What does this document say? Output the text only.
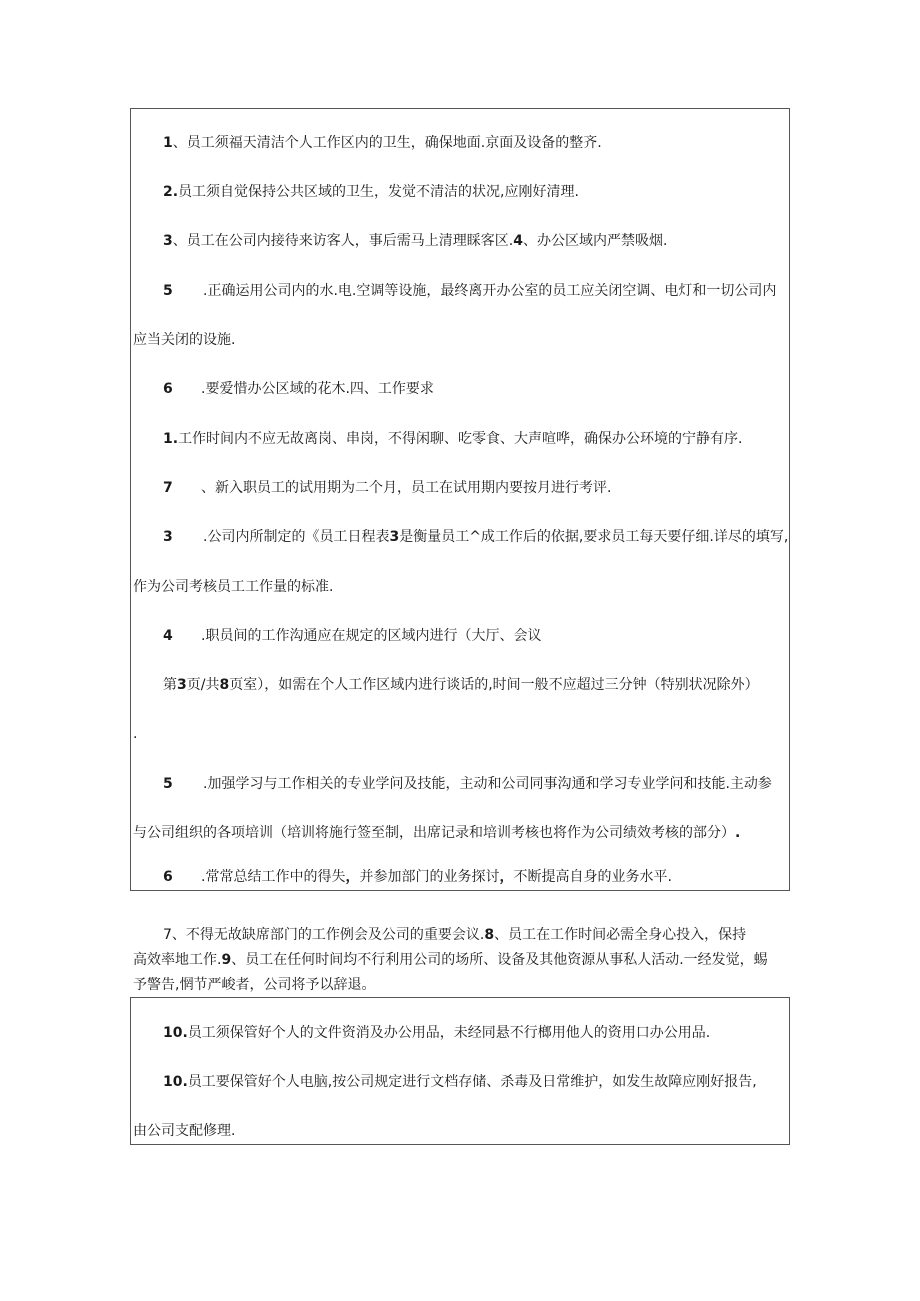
1、员工须福天清洁个人工作区内的卫生，确保地面.京面及设备的整齐.
2.员工须自觉保持公共区域的卫生，发觉不清洁的状况,应刚好清理.
3、员工在公司内接待来访客人，事后需马上清理睬客区.4、办公区域内严禁吸烟.
5 .正确运用公司内的水.电.空调等设施，最终离开办公室的员工应关闭空调、电灯和一切公司内
应当关闭的设施.
6 .要爱惜办公区域的花木.四、工作要求
1.工作时间内不应无故离岗、串岗，不得闲聊、吃零食、大声喧哗，确保办公环境的宁静有序.
7 、新入职员工的试用期为二个月，员工在试用期内要按月进行考评.
3 .公司内所制定的《员工日程表3是衡量员工^成工作后的依据,要求员工每天要仔细.详尽的填写,
作为公司考核员工工作量的标准.
4 .职员间的工作沟通应在规定的区域内进行（大厅、会议
第3页/共8页室），如需在个人工作区域内进行谈话的,时间一般不应超过三分钟（特别状况除外）
.
5 .加强学习与工作相关的专业学问及技能，主动和公司同事沟通和学习专业学问和技能.主动参
与公司组织的各项培训（培训将施行签至制，出席记录和培训考核也将作为公司绩效考核的部分）.
6 .常常总结工作中的得失，并参加部门的业务探讨，不断提高自身的业务水平.
7、不得无故缺席部门的工作例会及公司的重要会议.8、员工在工作时间必需全身心投入，保持
高效率地工作.9、员工在任何时间均不行利用公司的场所、设备及其他资源从事私人活动.一经发觉，蜴
予警告,惘节严峻者，公司将予以辞退。
10.员工须保管好个人的文件资消及办公用品，未经同悬不行榔用他人的资用口办公用品.
10.员工要保管好个人电脑,按公司规定进行文档存储、杀毒及日常维护，如发生故障应刚好报告,
由公司支配修理.
